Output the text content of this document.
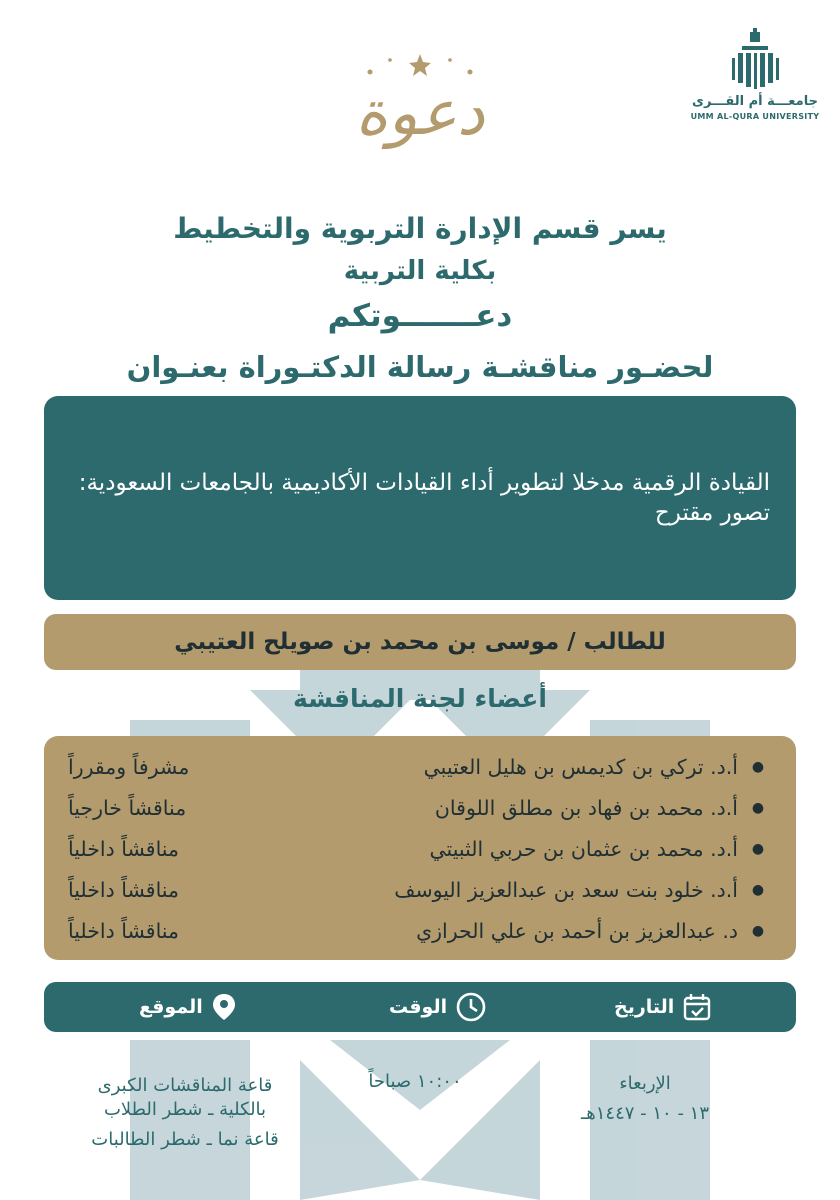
جامعـــة أم القـــرى
UMM AL-QURA UNIVERSITY
دعوة
يسر قسم الإدارة التربوية والتخطيط
بكلية التربية
دعـــــــوتكم
لحضـور مناقشـة رسالة الدكتـوراة بعنـوان
القيادة الرقمية مدخلا لتطوير أداء القيادات الأكاديمية بالجامعات السعودية: تصور مقترح
للطالب / موسى بن محمد بن صويلح العتيبي
أعضاء لجنة المناقشة
●
أ.د. تركي بن كديمس بن هليل العتيبي
مشرفاً ومقرراً
●
أ.د. محمد بن فهاد بن مطلق اللوقان
مناقشاً خارجياً
●
أ.د. محمد بن عثمان بن حربي الثبيتي
مناقشاً داخلياً
●
أ.د. خلود بنت سعد بن عبدالعزيز اليوسف
مناقشاً داخلياً
●
د. عبدالعزيز بن أحمد بن علي الحرازي
مناقشاً داخلياً
التاريخ
الوقت
الموقع
الإربعاء
١٣ - ١٠ - ١٤٤٧هـ
١٠:٠٠ صباحاً
قاعة المناقشات الكبرى
بالكلية ـ شطر الطلاب
قاعة نما ـ شطر الطالبات
